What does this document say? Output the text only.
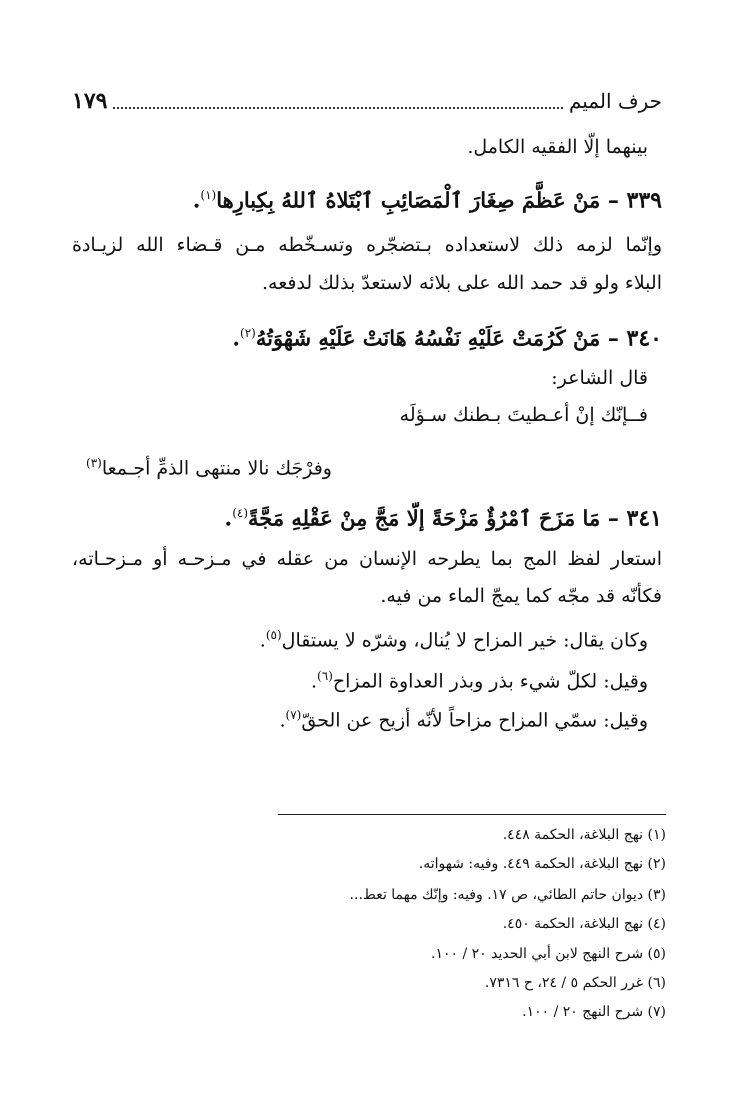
١٧٩	حرف الميم
بينهما إلّا الفقيه الكامل.
٣٣٩ – مَنْ عَظَّمَ صِغَارَ ٱلْمَصَائِبِ ٱبْتَلاهُ ٱللهُ بِكِبارِها$^{(١)}$.
وإنّما لزمه ذلك لاستعداده بـتضجّره وتسـخّطه مـن قـضاء الله لزيـادة
البلاء ولو قد حمد الله على بلائه لاستعدّ بذلك لدفعه.
٣٤٠ – مَنْ كَرُمَتْ عَلَيْهِ نَفْسُهُ هَانَتْ عَلَيْهِ شَهْوَتُهُ$^{(٢)}$.
قال الشاعر:
فــإنّك إنْ أعـطيتَ بـطنك سـؤلَه
وفرْجَك نالا منتهى الذمِّ أجـمعا$^{(٣)}$
٣٤١ – مَا مَزَحَ ٱمْرُؤٌ مَزْحَةً إلّا مَجَّ مِنْ عَقْلِهِ مَجَّةً$^{(٤)}$.
استعار لفظ المج بما يطرحه الإنسان من عقله في مـزحـه أو مـزحـاته،
فكأنّه قد مجّه كما يمجّ الماء من فيه.
وكان يقال: خير المزاح لا يُنال، وشرّه لا يستقال$^{(٥)}$.
وقيل: لكلّ شيء بذر وبذر العداوة المزاح$^{(٦)}$.
وقيل: سمّي المزاح مزاحاً لأنّه أزيح عن الحقّ$^{(٧)}$.
(١) نهج البلاغة، الحكمة ٤٤٨.
(٢) نهج البلاغة، الحكمة ٤٤٩. وفيه: شهواته.
(٣) ديوان حاتم الطائي، ص ١٧. وفيه: وإنّك مهما تعط...
(٤) نهج البلاغة، الحكمة ٤٥٠.
(٥) شرح النهج لابن أبي الحديد ٢٠ / ١٠٠.
(٦) غرر الحكم ٥ / ٢٤، ح ٧٣١٦.
(٧) شرح النهج ٢٠ / ١٠٠.
